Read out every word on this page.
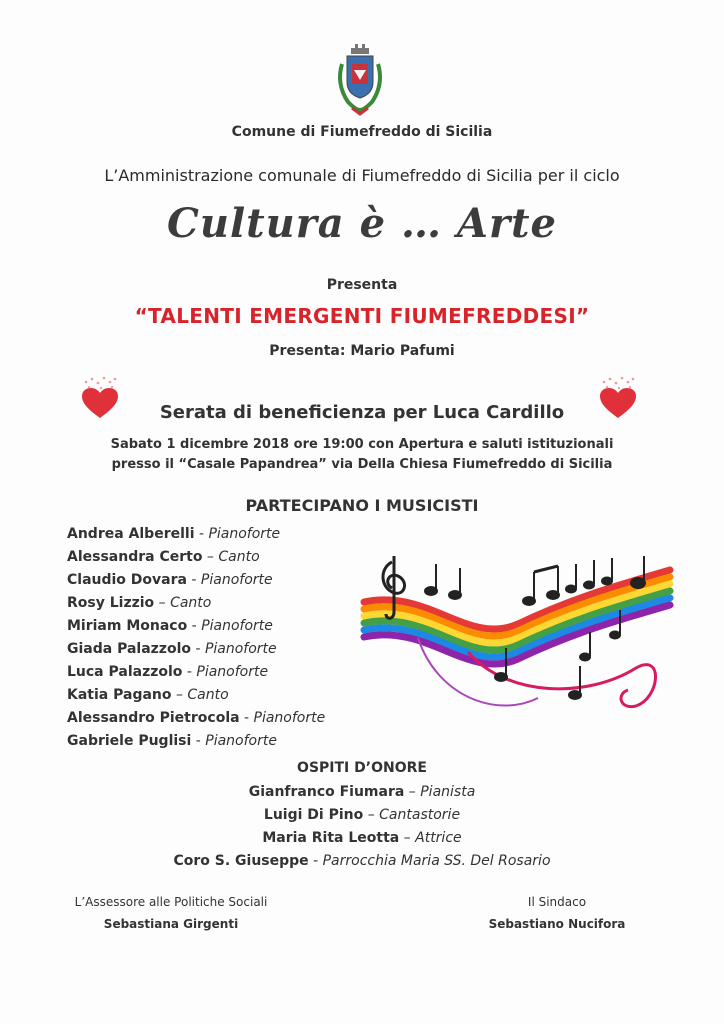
Comune di Fiumefreddo di Sicilia
L’Amministrazione comunale di Fiumefreddo di Sicilia per il ciclo
Cultura è … Arte
Presenta
“TALENTI EMERGENTI FIUMEFREDDESI”
Presenta: Mario Pafumi
Serata di beneficienza per Luca Cardillo
Sabato 1 dicembre 2018 ore 19:00 con Apertura e saluti istituzionali
presso il “Casale Papandrea” via Della Chiesa Fiumefreddo di Sicilia
PARTECIPANO I MUSICISTI
Andrea Alberelli - Pianoforte
Alessandra Certo – Canto
Claudio Dovara - Pianoforte
Rosy Lizzio – Canto
Miriam Monaco - Pianoforte
Giada Palazzolo - Pianoforte
Luca Palazzolo - Pianoforte
Katia Pagano – Canto
Alessandro Pietrocola - Pianoforte
Gabriele Puglisi - Pianoforte
OSPITI D’ONORE
Gianfranco Fiumara – Pianista
Luigi Di Pino – Cantastorie
Maria Rita Leotta – Attrice
Coro S. Giuseppe - Parrocchia Maria SS. Del Rosario
L’Assessore alle Politiche Sociali
Sebastiana Girgenti
Il Sindaco
Sebastiano Nucifora
